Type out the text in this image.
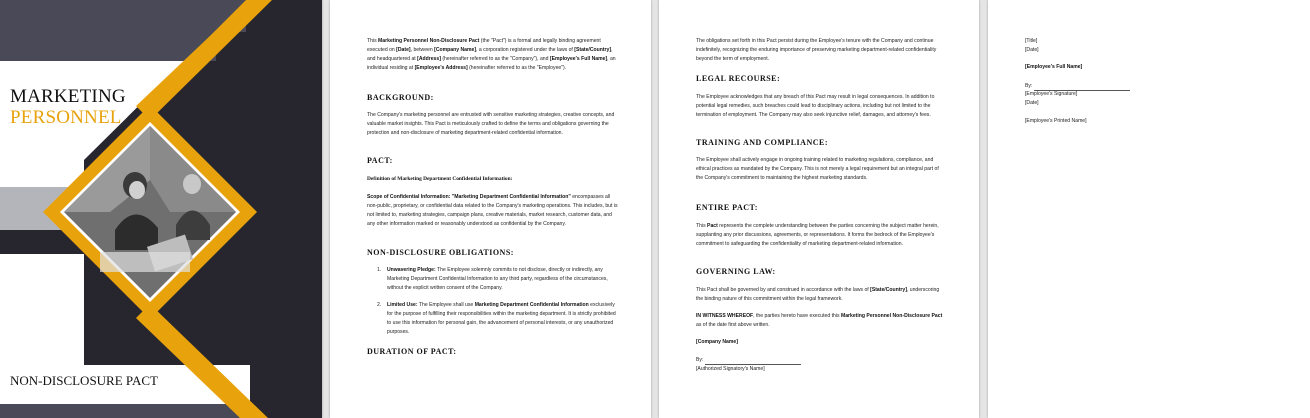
MARKETING
PERSONNEL
NON-DISCLOSURE PACT

This Marketing Personnel Non-Disclosure Pact (the "Pact") is a formal and legally binding agreement executed on [Date], between [Company Name], a corporation registered under the laws of [State/Country], and headquartered at [Address] (hereinafter referred to as the "Company"), and [Employee's Full Name], an individual residing at [Employee's Address] (hereinafter referred to as the "Employee").

BACKGROUND:
The Company's marketing personnel are entrusted with sensitive marketing strategies, creative concepts, and valuable market insights. This Pact is meticulously crafted to define the terms and obligations governing the protection and non-disclosure of marketing department-related confidential information.
PACT:
Definition of Marketing Department Confidential Information:

Scope of Confidential Information: "Marketing Department Confidential Information" encompasses all non-public, proprietary, or confidential data related to the Company's marketing operations. This includes, but is not limited to, marketing strategies, campaign plans, creative materials, market research, customer data, and any other information marked or reasonably understood as confidential by the Company.

NON-DISCLOSURE OBLIGATIONS:
1. Unwavering Pledge: The Employee solemnly commits to not disclose, directly or indirectly, any Marketing Department Confidential Information to any third party, regardless of the circumstances, without the explicit written consent of the Company.
2. Limited Use: The Employee shall use Marketing Department Confidential Information exclusively for the purpose of fulfilling their responsibilities within the marketing department. It is strictly prohibited to use this information for personal gain, the advancement of personal interests, or any unauthorized purposes.
DURATION OF PACT:
The obligations set forth in this Pact persist during the Employee's tenure with the Company and continue indefinitely, recognizing the enduring importance of preserving marketing department-related confidentiality beyond the term of employment.
LEGAL RECOURSE:
The Employee acknowledges that any breach of this Pact may result in legal consequences. In addition to potential legal remedies, such breaches could lead to disciplinary actions, including but not limited to the termination of employment. The Company may also seek injunctive relief, damages, and attorney's fees.
TRAINING AND COMPLIANCE:
The Employee shall actively engage in ongoing training related to marketing regulations, compliance, and ethical practices as mandated by the Company. This is not merely a legal requirement but an integral part of the Company's commitment to maintaining the highest marketing standards.
ENTIRE PACT:

This Pact represents the complete understanding between the parties concerning the subject matter herein, supplanting any prior discussions, agreements, or representations. It forms the bedrock of the Employee's commitment to safeguarding the confidentiality of marketing department-related information.

GOVERNING LAW:

This Pact shall be governed by and construed in accordance with the laws of [State/Country], underscoring the binding nature of this commitment within the legal framework.

IN WITNESS WHEREOF, the parties hereto have executed this Marketing Personnel Non-Disclosure Pact as of the date first above written.

[Company Name]
By:
[Authorized Signatory's Name]
[Title]
[Date]
[Employee's Full Name]
By:
[Employee's Signature]
[Date]
[Employee's Printed Name]
